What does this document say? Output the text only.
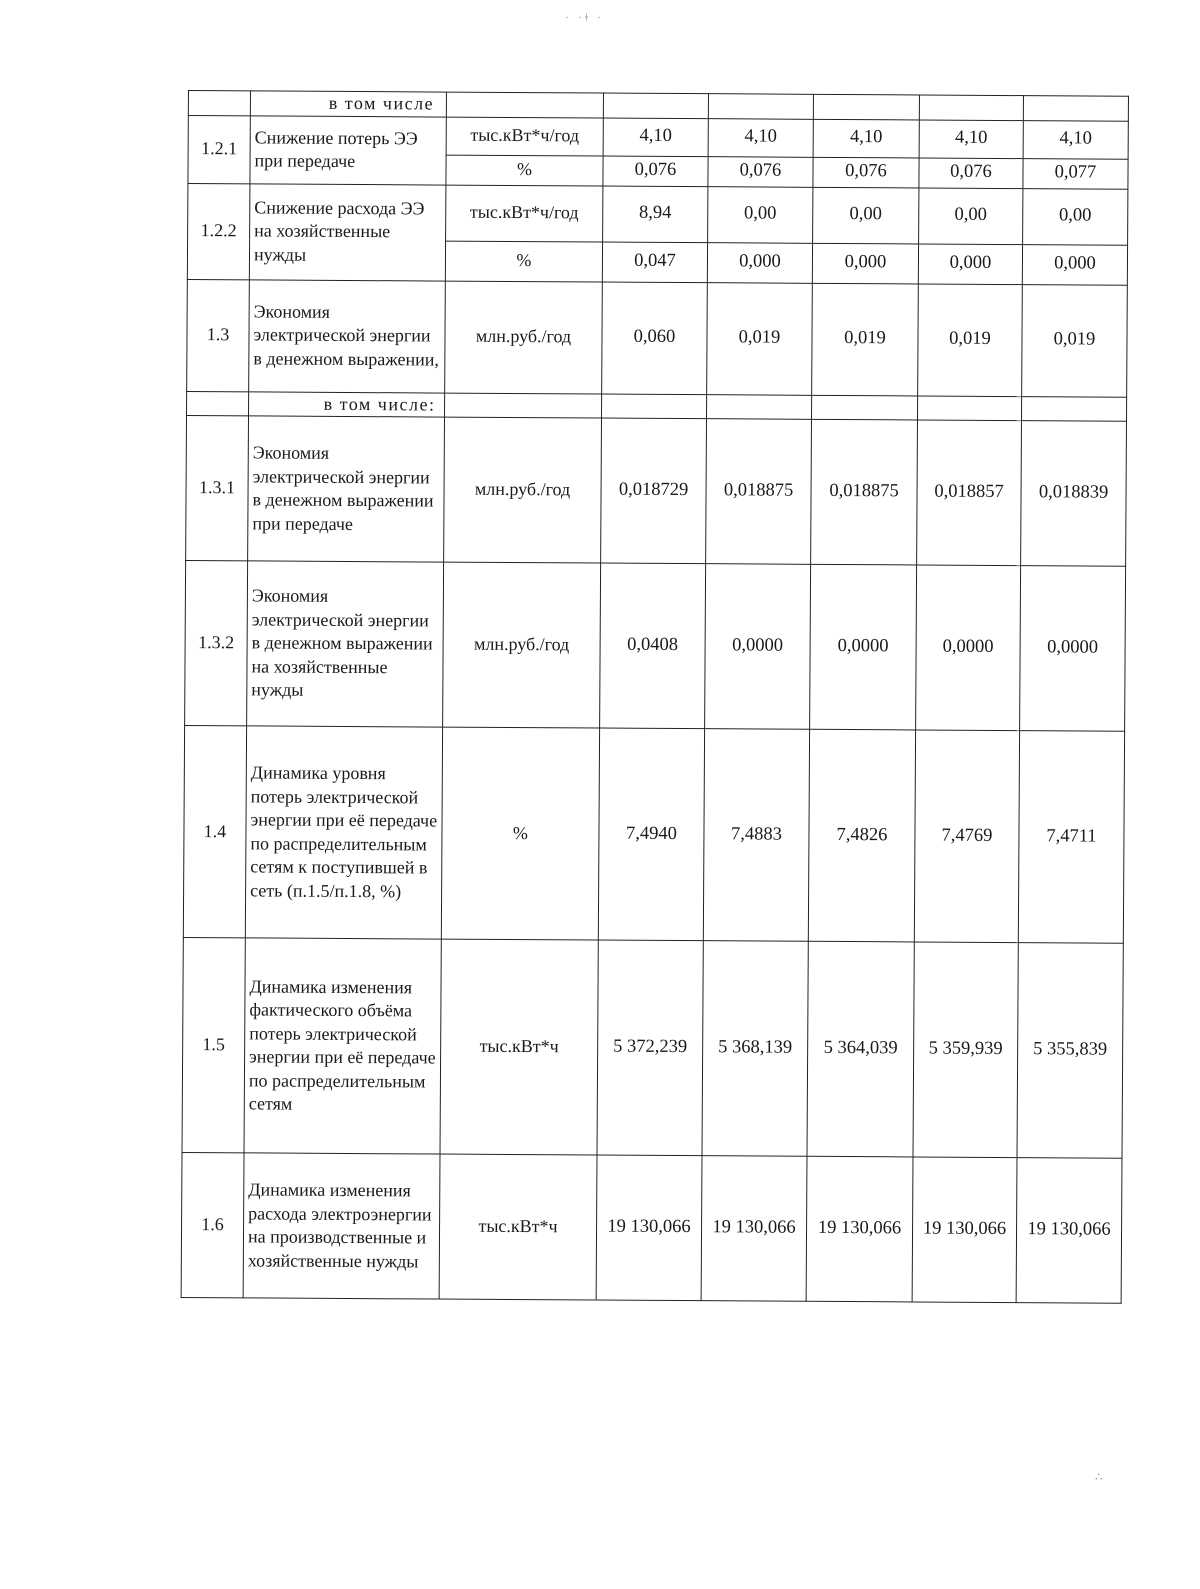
· ·ǂ ·
∴
	в том числе						
1.2.1	Снижение потерь ЭЭ при передаче	тыс.кВт*ч/год	4,10	4,10	4,10	4,10	4,10
		%	0,076	0,076	0,076	0,076	0,077
1.2.2	Снижение расхода ЭЭ на хозяйственные нужды	тыс.кВт*ч/год	8,94	0,00	0,00	0,00	0,00
		%	0,047	0,000	0,000	0,000	0,000
1.3	Экономия электрической энергии в денежном выражении,	млн.руб./год	0,060	0,019	0,019	0,019	0,019
	в том числе:						
1.3.1	Экономия электрической энергии в денежном выражении при передаче	млн.руб./год	0,018729	0,018875	0,018875	0,018857	0,018839
1.3.2	Экономия электрической энергии в денежном выражении на хозяйственные нужды	млн.руб./год	0,0408	0,0000	0,0000	0,0000	0,0000
1.4	Динамика уровня потерь электрической энергии при её передаче по распределительным сетям к поступившей в сеть (п.1.5/п.1.8, %)	%	7,4940	7,4883	7,4826	7,4769	7,4711
1.5	Динамика изменения фактического объёма потерь электрической энергии при её передаче по распределительным сетям	тыс.кВт*ч	5 372,239	5 368,139	5 364,039	5 359,939	5 355,839
1.6	Динамика изменения расхода электроэнергии на производственные и хозяйственные нужды	тыс.кВт*ч	19 130,066	19 130,066	19 130,066	19 130,066	19 130,066
